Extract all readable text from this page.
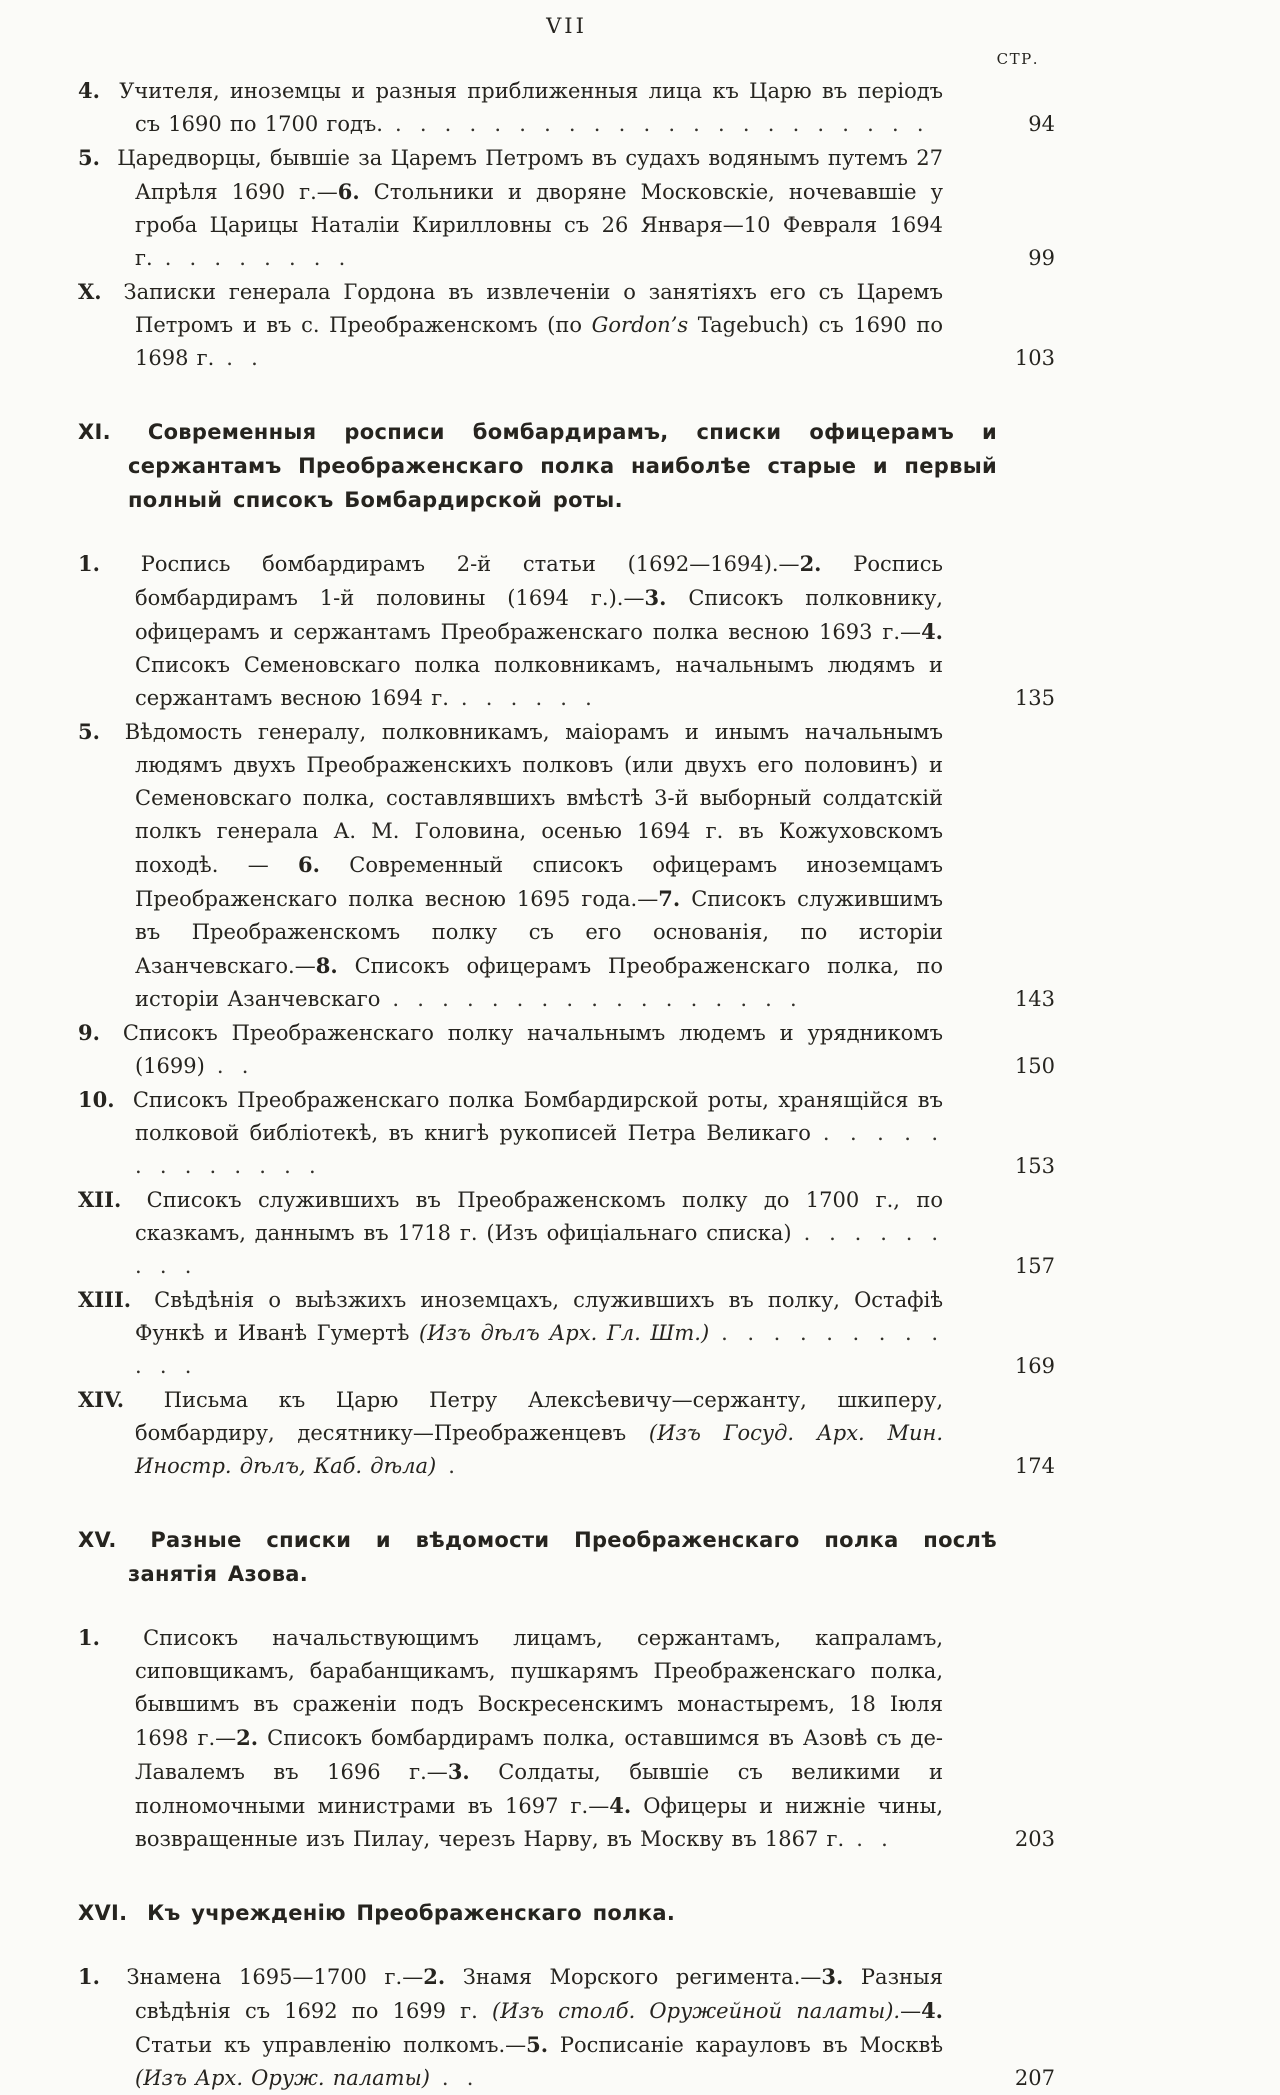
VII
СТР.
4. Учителя, иноземцы и разныя приближенныя лица къ Царю въ періодъ съ 1690 по 1700 годъ. . . . . . . . . . . . . . . . . . . . . . .	94
5. Царедворцы, бывшіе за Царемъ Петромъ въ судахъ водянымъ путемъ 27 Апрѣля 1690 г.—6. Стольники и дворяне Московскіе, ночевавшіе у гроба Царицы Наталіи Кирилловны съ 26 Января—10 Февраля 1694 г. . . . . . . . .	99
X. Записки генерала Гордона въ извлеченіи о занятіяхъ его съ Царемъ Петромъ и въ с. Преображенскомъ (по Gordon’s Tagebuch) съ 1690 по 1698 г. . .	103
XI. Современныя росписи бомбардирамъ, списки офицерамъ и сержантамъ Преображенскаго полка наиболѣе старые и первый полный списокъ Бомбардирской роты.
1. Роспись бомбардирамъ 2-й статьи (1692—1694).—2. Роспись бомбардирамъ 1-й половины (1694 г.).—3. Списокъ полковнику, офицерамъ и сержантамъ Преображенскаго полка весною 1693 г.—4. Списокъ Семеновскаго полка полковникамъ, начальнымъ людямъ и сержантамъ весною 1694 г. . . . . . .	135
5. Вѣдомость генералу, полковникамъ, маіорамъ и инымъ начальнымъ людямъ двухъ Преображенскихъ полковъ (или двухъ его половинъ) и Семеновскаго полка, составлявшихъ вмѣстѣ 3-й выборный солдатскій полкъ генерала А. М. Головина, осенью 1694 г. въ Кожуховскомъ походѣ. — 6. Современный списокъ офицерамъ иноземцамъ Преображенскаго полка весною 1695 года.—7. Списокъ служившимъ въ Преображенскомъ полку съ его основанія, по исторіи Азанчевскаго.—8. Списокъ офицерамъ Преображенскаго полка, по исторіи Азанчевскаго . . . . . . . . . . . . . . . . .	143
9. Списокъ Преображенскаго полку начальнымъ людемъ и урядникомъ (1699) . .	150
10. Списокъ Преображенскаго полка Бомбардирской роты, хранящійся въ полковой библіотекѣ, въ книгѣ рукописей Петра Великаго . . . . . . . . . . . . .	153
XII. Списокъ служившихъ въ Преображенскомъ полку до 1700 г., по сказкамъ, даннымъ въ 1718 г. (Изъ офиціальнаго списка) . . . . . . . . .	157
XIII. Свѣдѣнія о выѣзжихъ иноземцахъ, служившихъ въ полку, Остафіѣ Функѣ и Иванѣ Гумертѣ (Изъ дѣлъ Арх. Гл. Шт.) . . . . . . . . . . . .	169
XIV. Письма къ Царю Петру Алексѣевичу—сержанту, шкиперу, бомбардиру, десятнику—Преображенцевъ (Изъ Госуд. Арх. Мин. Иностр. дѣлъ, Каб. дѣла) .	174
XV. Разные списки и вѣдомости Преображенскаго полка послѣ занятія Азова.
1. Списокъ начальствующимъ лицамъ, сержантамъ, капраламъ, сиповщикамъ, барабанщикамъ, пушкарямъ Преображенскаго полка, бывшимъ въ сраженіи подъ Воскресенскимъ монастыремъ, 18 Іюля 1698 г.—2. Списокъ бомбардирамъ полка, оставшимся въ Азовѣ съ де-Лавалемъ въ 1696 г.—3. Солдаты, бывшіе съ великими и полномочными министрами въ 1697 г.—4. Офицеры и нижніе чины, возвращенные изъ Пилау, черезъ Нарву, въ Москву въ 1867 г. . .	203
XVI. Къ учрежденію Преображенскаго полка.
1. Знамена 1695—1700 г.—2. Знамя Морского регимента.—3. Разныя свѣдѣнія съ 1692 по 1699 г. (Изъ столб. Оружейной палаты).—4. Статьи къ управленію полкомъ.—5. Росписаніе карауловъ въ Москвѣ (Изъ Арх. Оруж. палаты) . .	207
